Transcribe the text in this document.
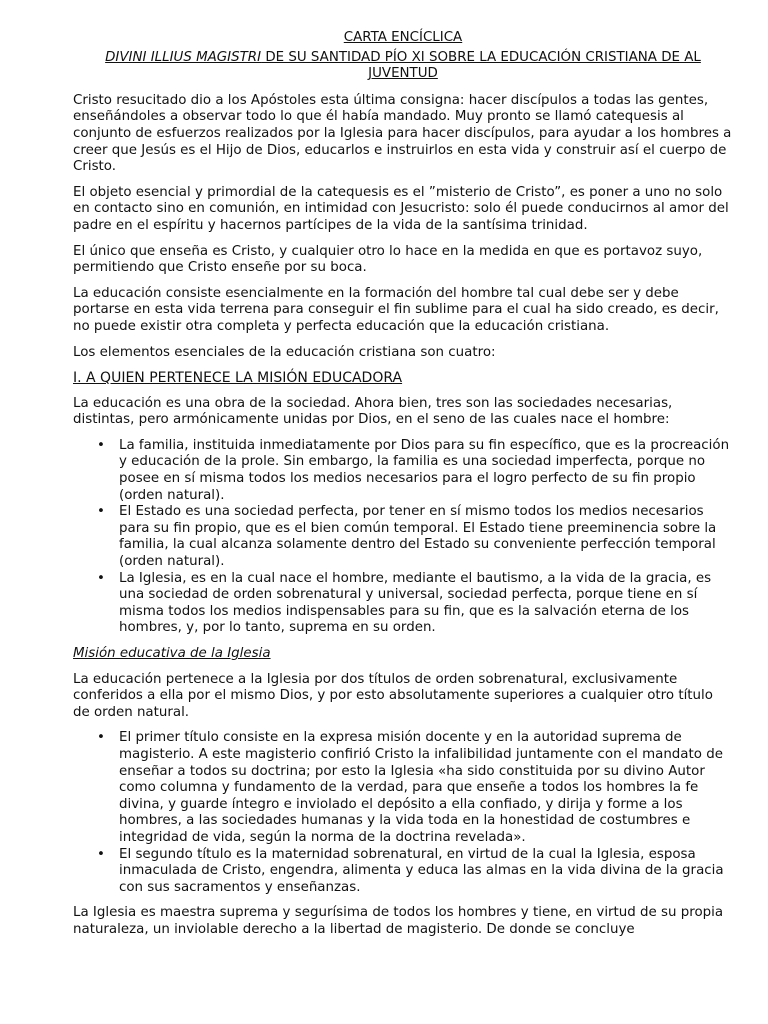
CARTA ENCÍCLICA
DIVINI ILLIUS MAGISTRI DE SU SANTIDAD PÍO XI SOBRE LA EDUCACIÓN CRISTIANA DE AL JUVENTUD

Cristo resucitado dio a los Apóstoles esta última consigna: hacer discípulos a todas las gentes, enseñándoles a observar todo lo que él había mandado. Muy pronto se llamó catequesis al conjunto de esfuerzos realizados por la Iglesia para hacer discípulos, para ayudar a los hombres a creer que Jesús es el Hijo de Dios, educarlos e instruirlos en esta vida y construir así el cuerpo de Cristo.

El objeto esencial y primordial de la catequesis es el ”misterio de Cristo”, es poner a uno no solo en contacto sino en comunión, en intimidad con Jesucristo: solo él puede conducirnos al amor del padre en el espíritu y hacernos partícipes de la vida de la santísima trinidad.

El único que enseña es Cristo, y cualquier otro lo hace en la medida en que es portavoz suyo, permitiendo que Cristo enseñe por su boca.

La educación consiste esencialmente en la formación del hombre tal cual debe ser y debe portarse en esta vida terrena para conseguir el fin sublime para el cual ha sido creado, es decir, no puede existir otra completa y perfecta educación que la educación cristiana.

Los elementos esenciales de la educación cristiana son cuatro:

I. A QUIEN PERTENECE LA MISIÓN EDUCADORA

La educación es una obra de la sociedad. Ahora bien, tres son las sociedades necesarias, distintas, pero armónicamente unidas por Dios, en el seno de las cuales nace el hombre:

• La familia, instituida inmediatamente por Dios para su fin específico, que es la procreación y educación de la prole. Sin embargo, la familia es una sociedad imperfecta, porque no posee en sí misma todos los medios necesarios para el logro perfecto de su fin propio (orden natural).
• El Estado es una sociedad perfecta, por tener en sí mismo todos los medios necesarios para su fin propio, que es el bien común temporal. El Estado tiene preeminencia sobre la familia, la cual alcanza solamente dentro del Estado su conveniente perfección temporal (orden natural).
• La Iglesia, es en la cual nace el hombre, mediante el bautismo, a la vida de la gracia, es una sociedad de orden sobrenatural y universal, sociedad perfecta, porque tiene en sí misma todos los medios indispensables para su fin, que es la salvación eterna de los hombres, y, por lo tanto, suprema en su orden.
Misión educativa de la Iglesia

La educación pertenece a la Iglesia por dos títulos de orden sobrenatural, exclusivamente conferidos a ella por el mismo Dios, y por esto absolutamente superiores a cualquier otro título de orden natural.

• El primer título consiste en la expresa misión docente y en la autoridad suprema de magisterio. A este magisterio confirió Cristo la infalibilidad juntamente con el mandato de enseñar a todos su doctrina; por esto la Iglesia «ha sido constituida por su divino Autor como columna y fundamento de la verdad, para que enseñe a todos los hombres la fe divina, y guarde íntegro e inviolado el depósito a ella confiado, y dirija y forme a los hombres, a las sociedades humanas y la vida toda en la honestidad de costumbres e integridad de vida, según la norma de la doctrina revelada».
• El segundo título es la maternidad sobrenatural, en virtud de la cual la Iglesia, esposa inmaculada de Cristo, engendra, alimenta y educa las almas en la vida divina de la gracia con sus sacramentos y enseñanzas.

La Iglesia es maestra suprema y segurísima de todos los hombres y tiene, en virtud de su propia naturaleza, un inviolable derecho a la libertad de magisterio. De donde se concluye
